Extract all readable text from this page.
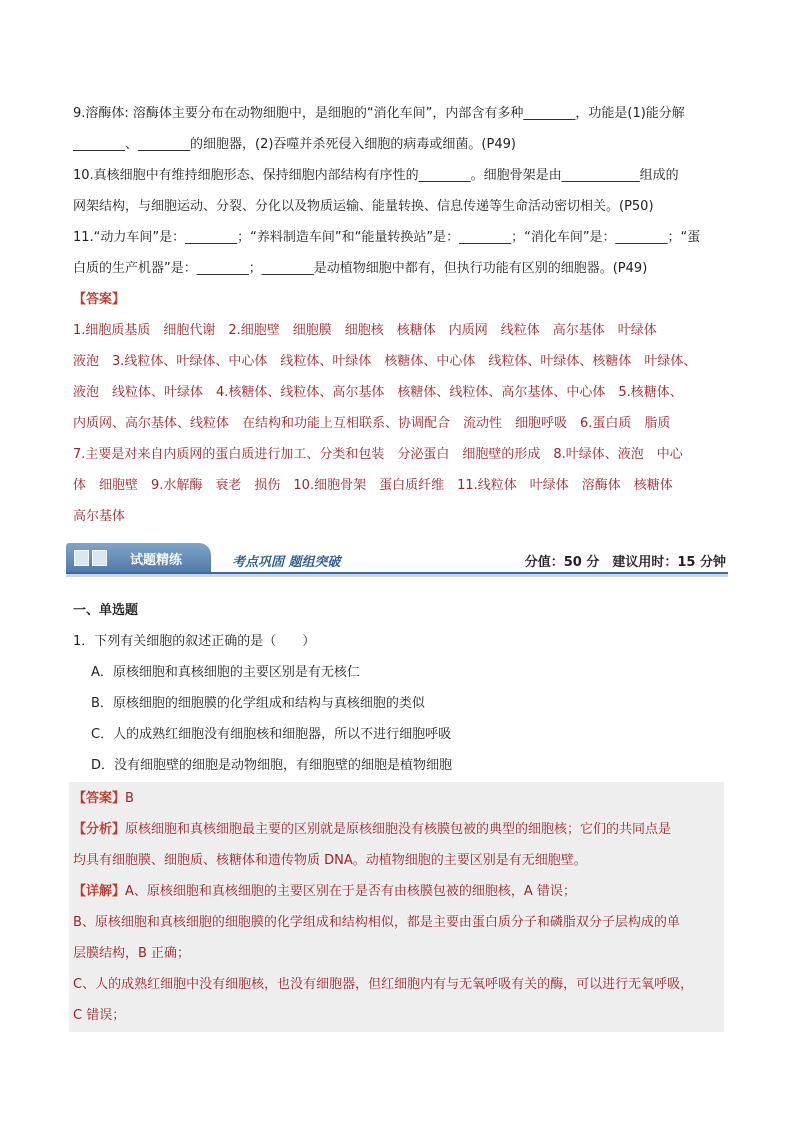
9.溶酶体: 溶酶体主要分布在动物细胞中，是细胞的“消化车间”，内部含有多种________，功能是(1)能分解
________、________的细胞器，(2)吞噬并杀死侵入细胞的病毒或细菌。(P49)
10.真核细胞中有维持细胞形态、保持细胞内部结构有序性的________。细胞骨架是由____________组成的
网架结构，与细胞运动、分裂、分化以及物质运输、能量转换、信息传递等生命活动密切相关。(P50)
11.“动力车间”是：________；“养料制造车间”和“能量转换站”是：________；“消化车间”是：________；“蛋
白质的生产机器”是：________；________是动植物细胞中都有，但执行功能有区别的细胞器。(P49)
【答案】
1.细胞质基质　细胞代谢　2.细胞壁　细胞膜　细胞核　核糖体　内质网　线粒体　高尔基体　叶绿体
液泡　3.线粒体、叶绿体、中心体　线粒体、叶绿体　核糖体、中心体　线粒体、叶绿体、核糖体　叶绿体、
液泡　线粒体、叶绿体　4.核糖体、线粒体、高尔基体　核糖体、线粒体、高尔基体、中心体　5.核糖体、
内质网、高尔基体、线粒体　在结构和功能上互相联系、协调配合　流动性　细胞呼吸　6.蛋白质　脂质
7.主要是对来自内质网的蛋白质进行加工、分类和包装　分泌蛋白　细胞壁的形成　8.叶绿体、液泡　中心
体　细胞壁　9.水解酶　衰老　损伤　10.细胞骨架　蛋白质纤维　11.线粒体　叶绿体　溶酶体　核糖体
高尔基体
试题精练	考点巩固 题组突破	分值：50 分　建议用时：15 分钟
一、单选题
1．下列有关细胞的叙述正确的是（　　）
A．原核细胞和真核细胞的主要区别是有无核仁
B．原核细胞的细胞膜的化学组成和结构与真核细胞的类似
C．人的成熟红细胞没有细胞核和细胞器，所以不进行细胞呼吸
D．没有细胞壁的细胞是动物细胞，有细胞壁的细胞是植物细胞
【答案】B
【分析】原核细胞和真核细胞最主要的区别就是原核细胞没有核膜包被的典型的细胞核；它们的共同点是
均具有细胞膜、细胞质、核糖体和遗传物质 DNA。动植物细胞的主要区别是有无细胞壁。
【详解】A、原核细胞和真核细胞的主要区别在于是否有由核膜包被的细胞核，A 错误；
B、原核细胞和真核细胞的细胞膜的化学组成和结构相似，都是主要由蛋白质分子和磷脂双分子层构成的单
层膜结构，B 正确；
C、人的成熟红细胞中没有细胞核，也没有细胞器，但红细胞内有与无氧呼吸有关的酶，可以进行无氧呼吸，
C 错误；
